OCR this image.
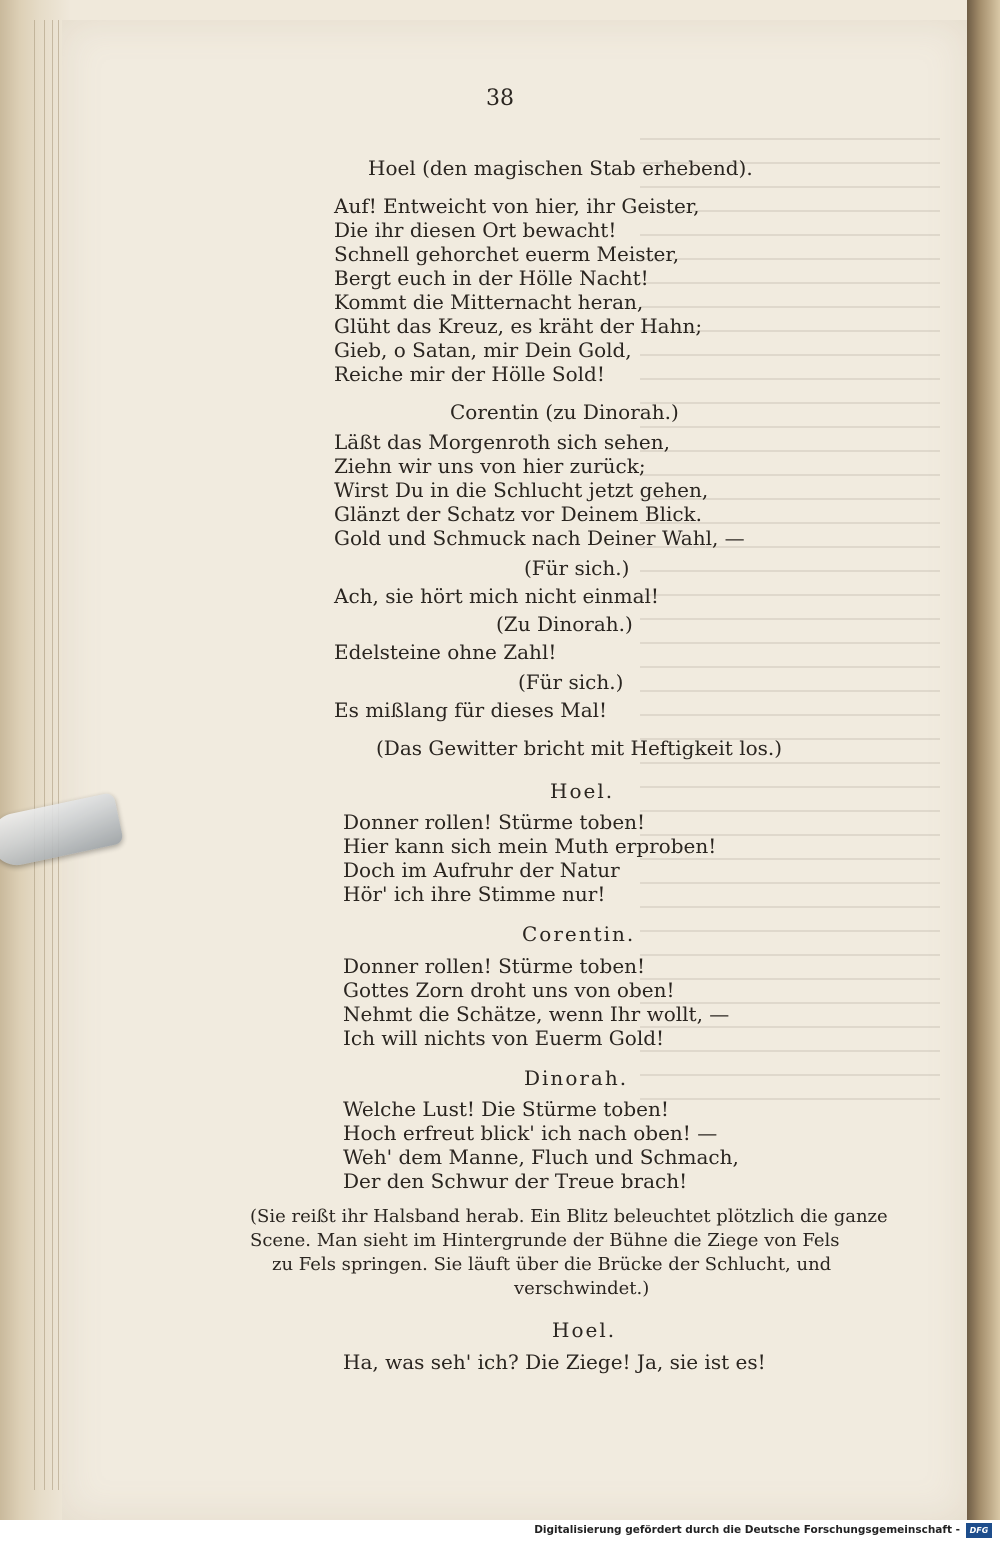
38
Hoel (den magischen Stab erhebend).
Auf! Entweicht von hier, ihr Geister,
Die ihr diesen Ort bewacht!
Schnell gehorchet euerm Meister,
Bergt euch in der Hölle Nacht!
Kommt die Mitternacht heran,
Glüht das Kreuz, es kräht der Hahn;
Gieb, o Satan, mir Dein Gold,
Reiche mir der Hölle Sold!
Corentin (zu Dinorah.)
Läßt das Morgenroth sich sehen,
Ziehn wir uns von hier zurück;
Wirst Du in die Schlucht jetzt gehen,
Glänzt der Schatz vor Deinem Blick.
Gold und Schmuck nach Deiner Wahl, —
(Für sich.)
Ach, sie hört mich nicht einmal!
(Zu Dinorah.)
Edelsteine ohne Zahl!
(Für sich.)
Es mißlang für dieses Mal!
(Das Gewitter bricht mit Heftigkeit los.)
Hoel.
Donner rollen! Stürme toben!
Hier kann sich mein Muth erproben!
Doch im Aufruhr der Natur
Hör' ich ihre Stimme nur!
Corentin.
Donner rollen! Stürme toben!
Gottes Zorn droht uns von oben!
Nehmt die Schätze, wenn Ihr wollt, —
Ich will nichts von Euerm Gold!
Dinorah.
Welche Lust! Die Stürme toben!
Hoch erfreut blick' ich nach oben! —
Weh' dem Manne, Fluch und Schmach,
Der den Schwur der Treue brach!
(Sie reißt ihr Halsband herab. Ein Blitz beleuchtet plötzlich die ganze
Scene. Man sieht im Hintergrunde der Bühne die Ziege von Fels
zu Fels springen. Sie läuft über die Brücke der Schlucht, und
verschwindet.)
Hoel.
Ha, was seh' ich? Die Ziege! Ja, sie ist es!
Digitalisierung gefördert durch die Deutsche Forschungsgemeinschaft -	DFG
